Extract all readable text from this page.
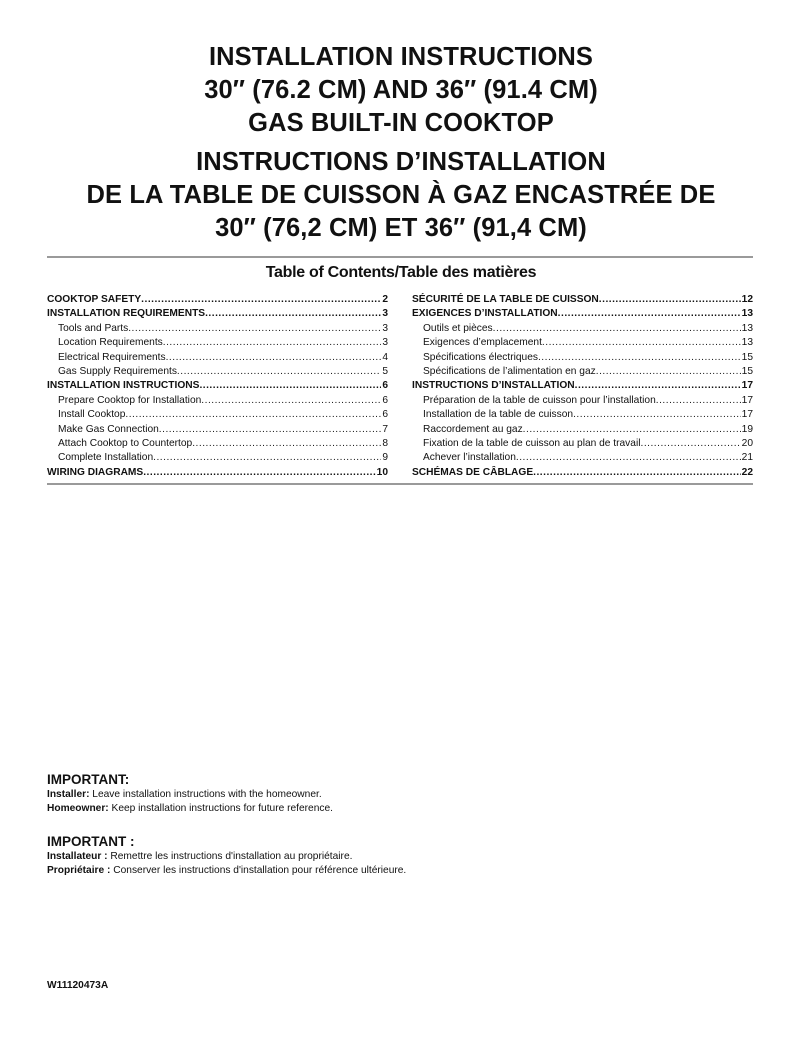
INSTALLATION INSTRUCTIONS
30″ (76.2 CM) AND 36″ (91.4 CM)
GAS BUILT-IN COOKTOP
INSTRUCTIONS D’INSTALLATION
DE LA TABLE DE CUISSON À GAZ ENCASTRÉE DE
30″ (76,2 CM) ET 36″ (91,4 CM)
Table of Contents/Table des matières
COOKTOP SAFETY .....	2
INSTALLATION REQUIREMENTS .....	3
Tools and Parts .....	3
Location Requirements .....	3
Electrical Requirements .....	4
Gas Supply Requirements .....	5
INSTALLATION INSTRUCTIONS .....	6
Prepare Cooktop for Installation .....	6
Install Cooktop .....	6
Make Gas Connection .....	7
Attach Cooktop to Countertop .....	8
Complete Installation .....	9
WIRING DIAGRAMS .....	10
SÉCURITÉ DE LA TABLE DE CUISSON .....	12
EXIGENCES D’INSTALLATION .....	13
Outils et pièces .....	13
Exigences d’emplacement .....	13
Spécifications électriques .....	15
Spécifications de l’alimentation en gaz .....	15
INSTRUCTIONS D’INSTALLATION .....	17
Préparation de la table de cuisson pour l’installation .....	17
Installation de la table de cuisson .....	17
Raccordement au gaz .....	19
Fixation de la table de cuisson au plan de travail .....	20
Achever l’installation .....	21
SCHÉMAS DE CÂBLAGE .....	22
IMPORTANT:

Installer: Leave installation instructions with the homeowner.

Homeowner: Keep installation instructions for future reference.

IMPORTANT :

Installateur : Remettre les instructions d'installation au propriétaire.

Propriétaire : Conserver les instructions d'installation pour référence ultérieure.

W11120473A
